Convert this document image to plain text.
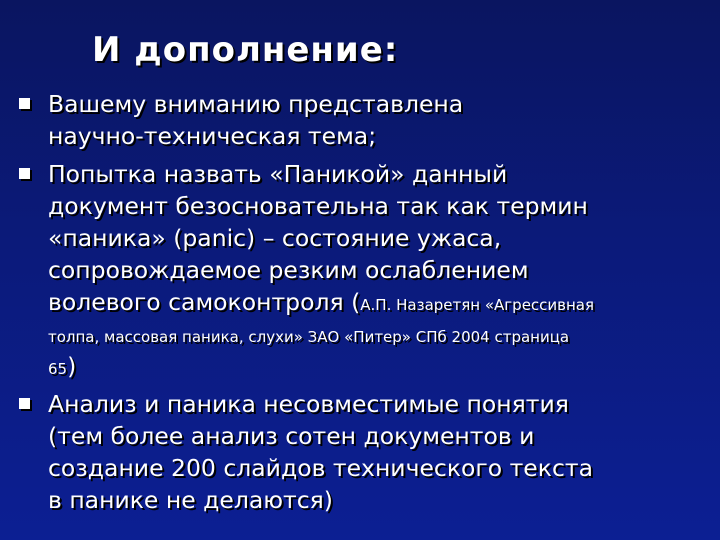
И дополнение:
Вашему вниманию представлена
научно-техническая тема;
Попытка назвать «Паникой» данный
документ безосновательна так как термин
«паника» (panic) – состояние ужаса,
сопровождаемое резким ослаблением
волевого самоконтроля (А.П. Назаретян «Агрессивная
толпа, массовая паника, слухи» ЗАО «Питер» СПб 2004 страница
65)
Анализ и паника несовместимые понятия
(тем более анализ сотен документов и
создание 200 слайдов технического текста
в панике не делаются)
